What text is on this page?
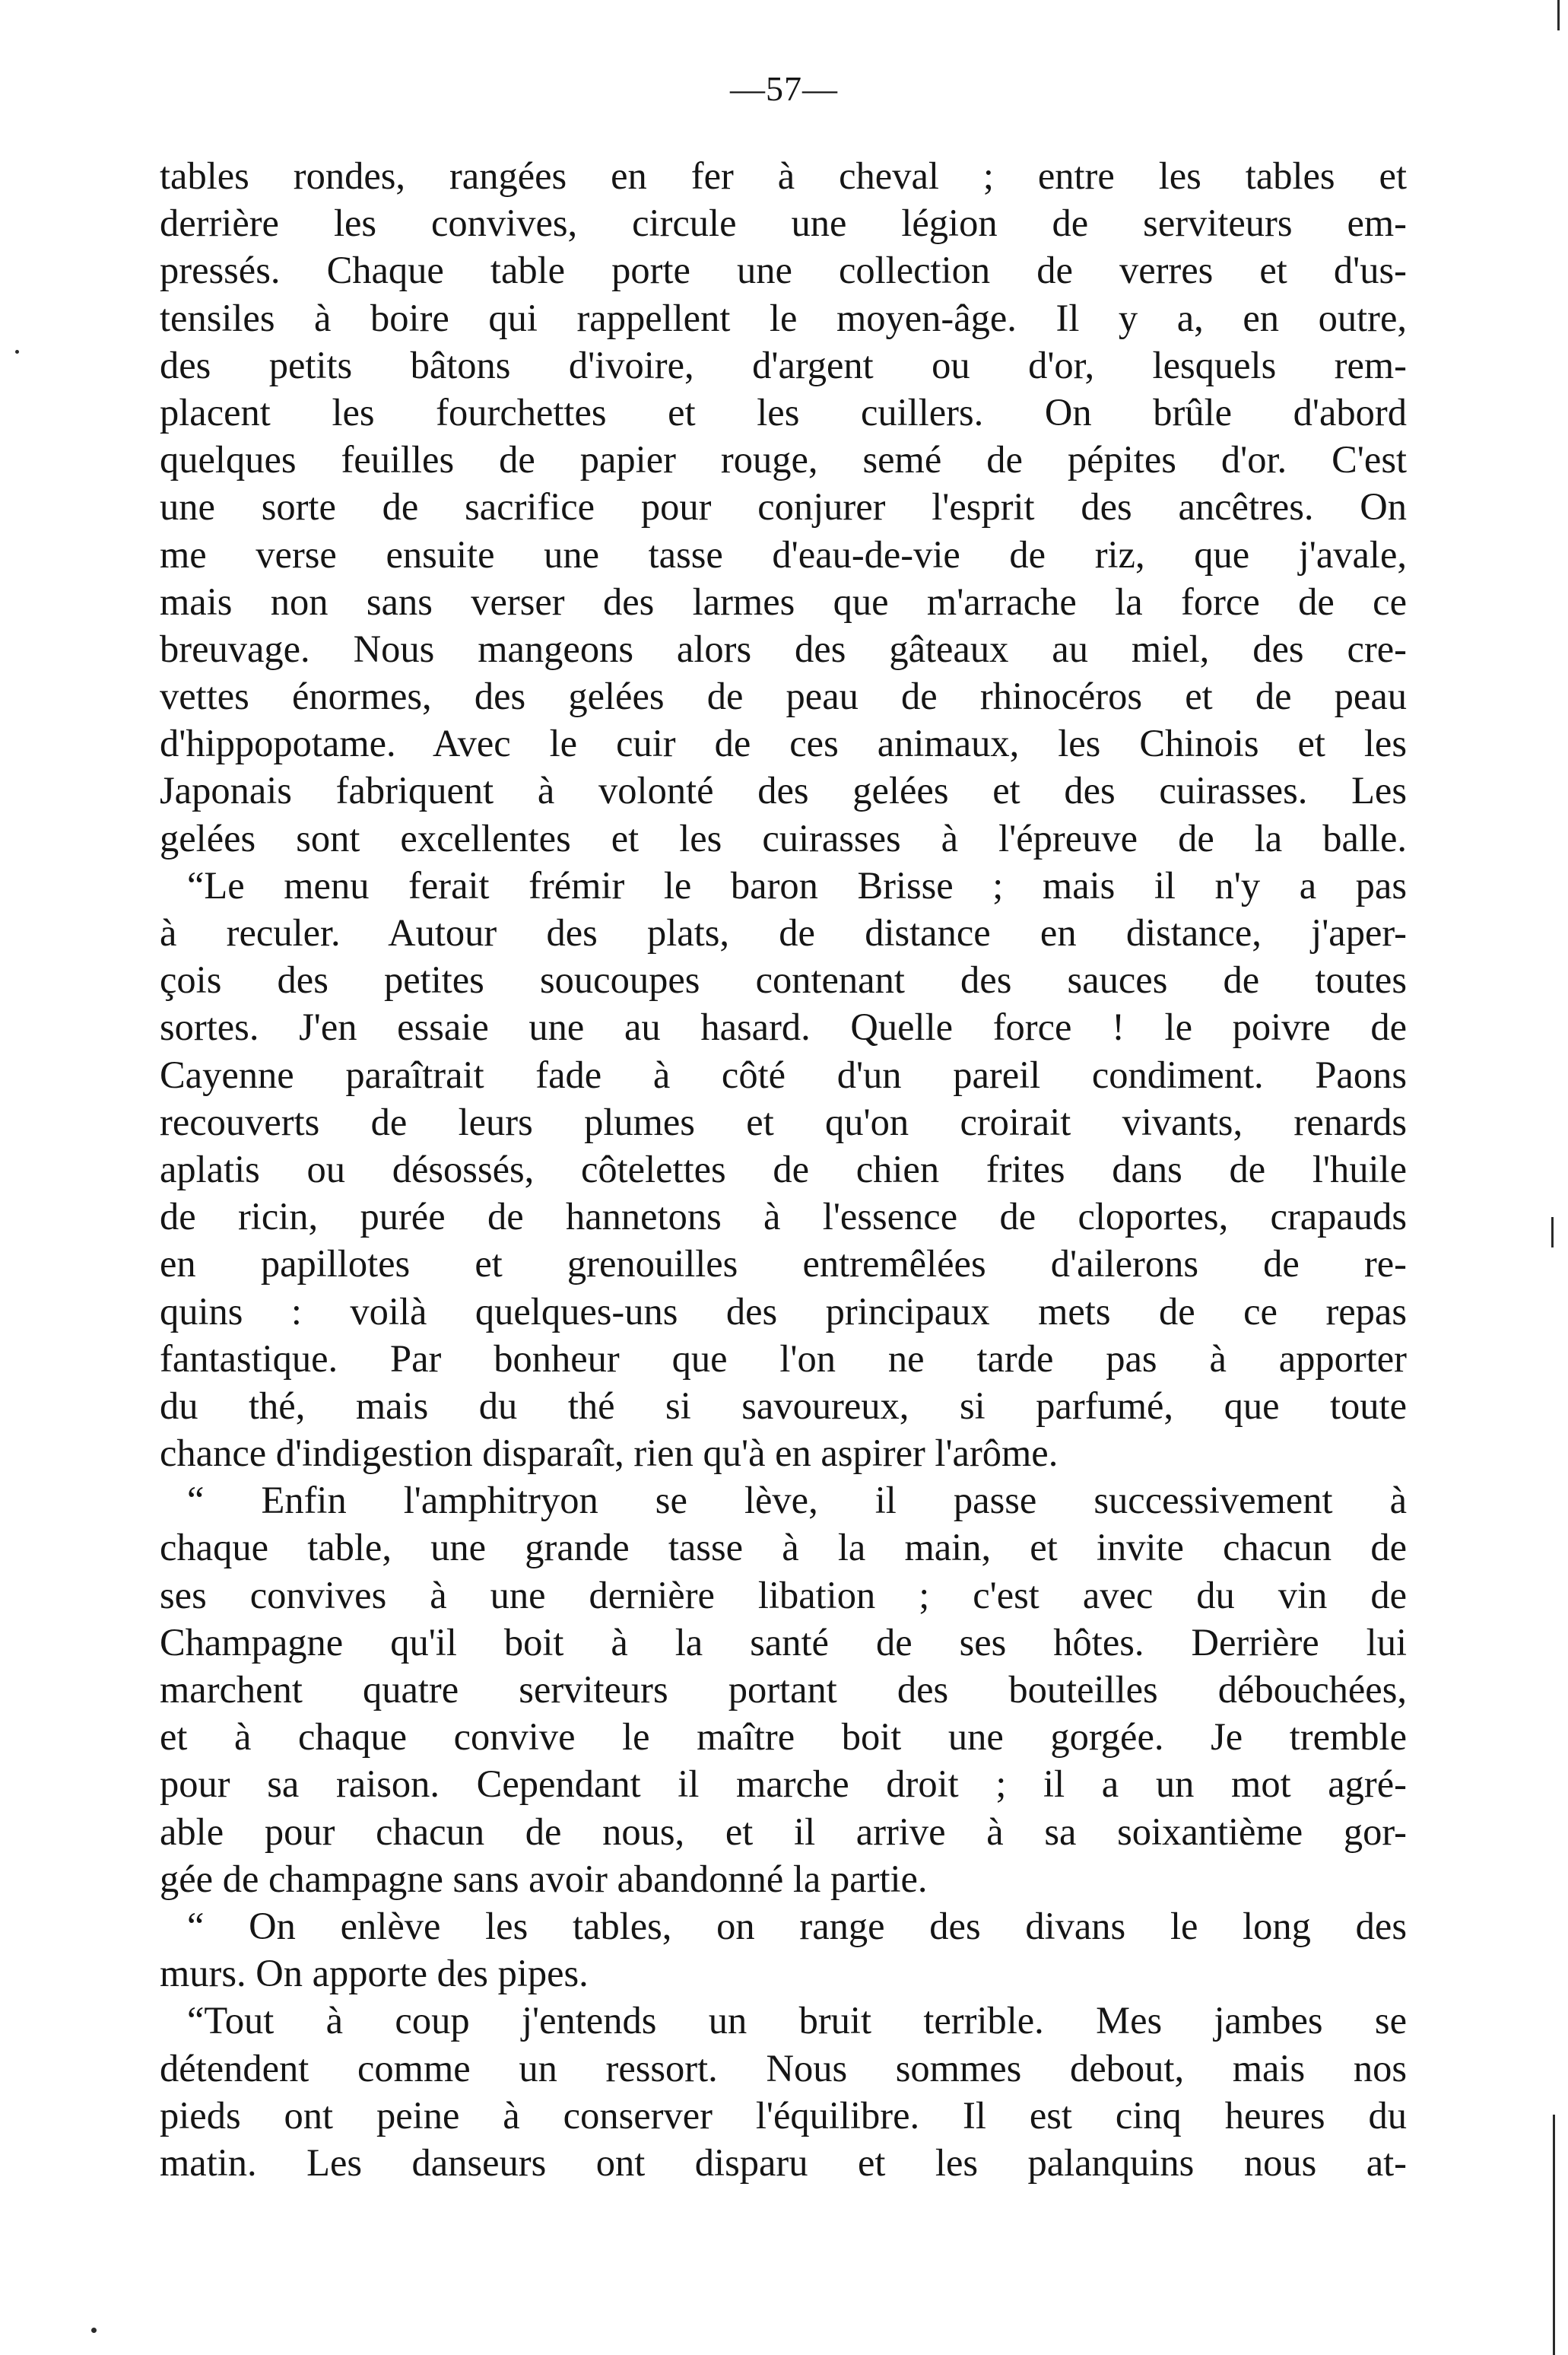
—57—
tables rondes, rangées en fer à cheval ; entre les tables et
derrière les convives, circule une légion de serviteurs em-
pressés. Chaque table porte une collection de verres et d'us-
tensiles à boire qui rappellent le moyen-âge. Il y a, en outre,
des petits bâtons d'ivoire, d'argent ou d'or, lesquels rem-
placent les fourchettes et les cuillers. On brûle d'abord
quelques feuilles de papier rouge, semé de pépites d'or. C'est
une sorte de sacrifice pour conjurer l'esprit des ancêtres. On
me verse ensuite une tasse d'eau-de-vie de riz, que j'avale,
mais non sans verser des larmes que m'arrache la force de ce
breuvage. Nous mangeons alors des gâteaux au miel, des cre-
vettes énormes, des gelées de peau de rhinocéros et de peau
d'hippopotame. Avec le cuir de ces animaux, les Chinois et les
Japonais fabriquent à volonté des gelées et des cuirasses. Les
gelées sont excellentes et les cuirasses à l'épreuve de la balle.
“Le menu ferait frémir le baron Brisse ; mais il n'y a pas
à reculer. Autour des plats, de distance en distance, j'aper-
çois des petites soucoupes contenant des sauces de toutes
sortes. J'en essaie une au hasard. Quelle force ! le poivre de
Cayenne paraîtrait fade à côté d'un pareil condiment. Paons
recouverts de leurs plumes et qu'on croirait vivants, renards
aplatis ou désossés, côtelettes de chien frites dans de l'huile
de ricin, purée de hannetons à l'essence de cloportes, crapauds
en papillotes et grenouilles entremêlées d'ailerons de re-
quins : voilà quelques-uns des principaux mets de ce repas
fantastique. Par bonheur que l'on ne tarde pas à apporter
du thé, mais du thé si savoureux, si parfumé, que toute
chance d'indigestion disparaît, rien qu'à en aspirer l'arôme.
“ Enfin l'amphitryon se lève, il passe successivement à
chaque table, une grande tasse à la main, et invite chacun de
ses convives à une dernière libation ; c'est avec du vin de
Champagne qu'il boit à la santé de ses hôtes. Derrière lui
marchent quatre serviteurs portant des bouteilles débouchées,
et à chaque convive le maître boit une gorgée. Je tremble
pour sa raison. Cependant il marche droit ; il a un mot agré-
able pour chacun de nous, et il arrive à sa soixantième gor-
gée de champagne sans avoir abandonné la partie.
“ On enlève les tables, on range des divans le long des
murs. On apporte des pipes.
“Tout à coup j'entends un bruit terrible. Mes jambes se
détendent comme un ressort. Nous sommes debout, mais nos
pieds ont peine à conserver l'équilibre. Il est cinq heures du
matin. Les danseurs ont disparu et les palanquins nous at-
